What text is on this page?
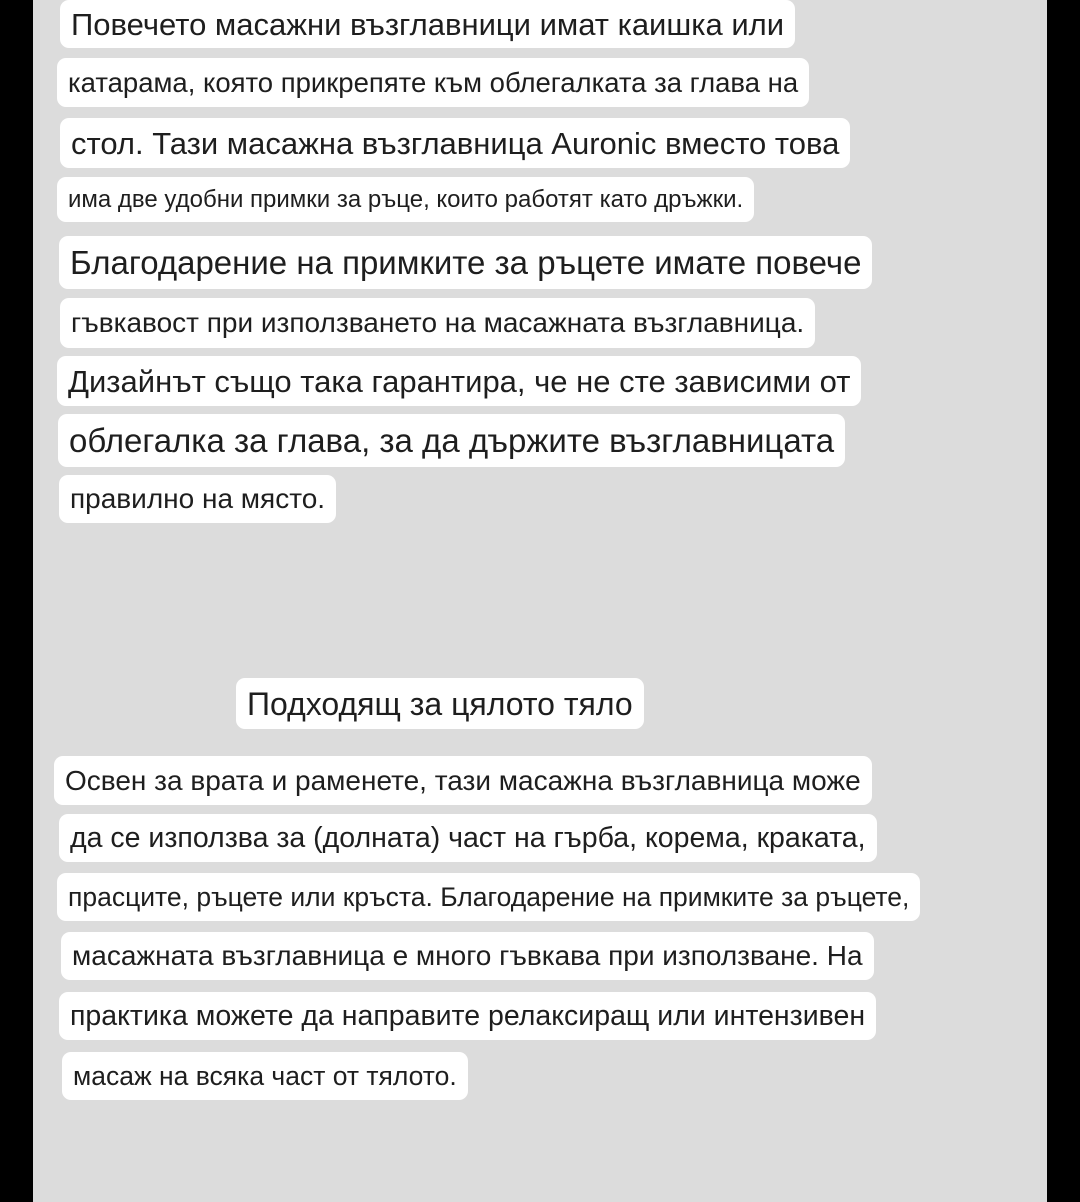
Повечето масажни възглавници имат каишка или
катарама, която прикрепяте към облегалката за глава на
стол. Тази масажна възглавница Auronic вместо това
има две удобни примки за ръце, които работят като дръжки.
Благодарение на примките за ръцете имате повече
гъвкавост при използването на масажната възглавница.
Дизайнът също така гарантира, че не сте зависими от
облегалка за глава, за да държите възглавницата
правилно на място.
Подходящ за цялото тяло
Освен за врата и раменете, тази масажна възглавница може
да се използва за (долната) част на гърба, корема, краката,
прасците, ръцете или кръста. Благодарение на примките за ръцете,
масажната възглавница е много гъвкава при използване. На
практика можете да направите релаксиращ или интензивен
масаж на всяка част от тялото.
